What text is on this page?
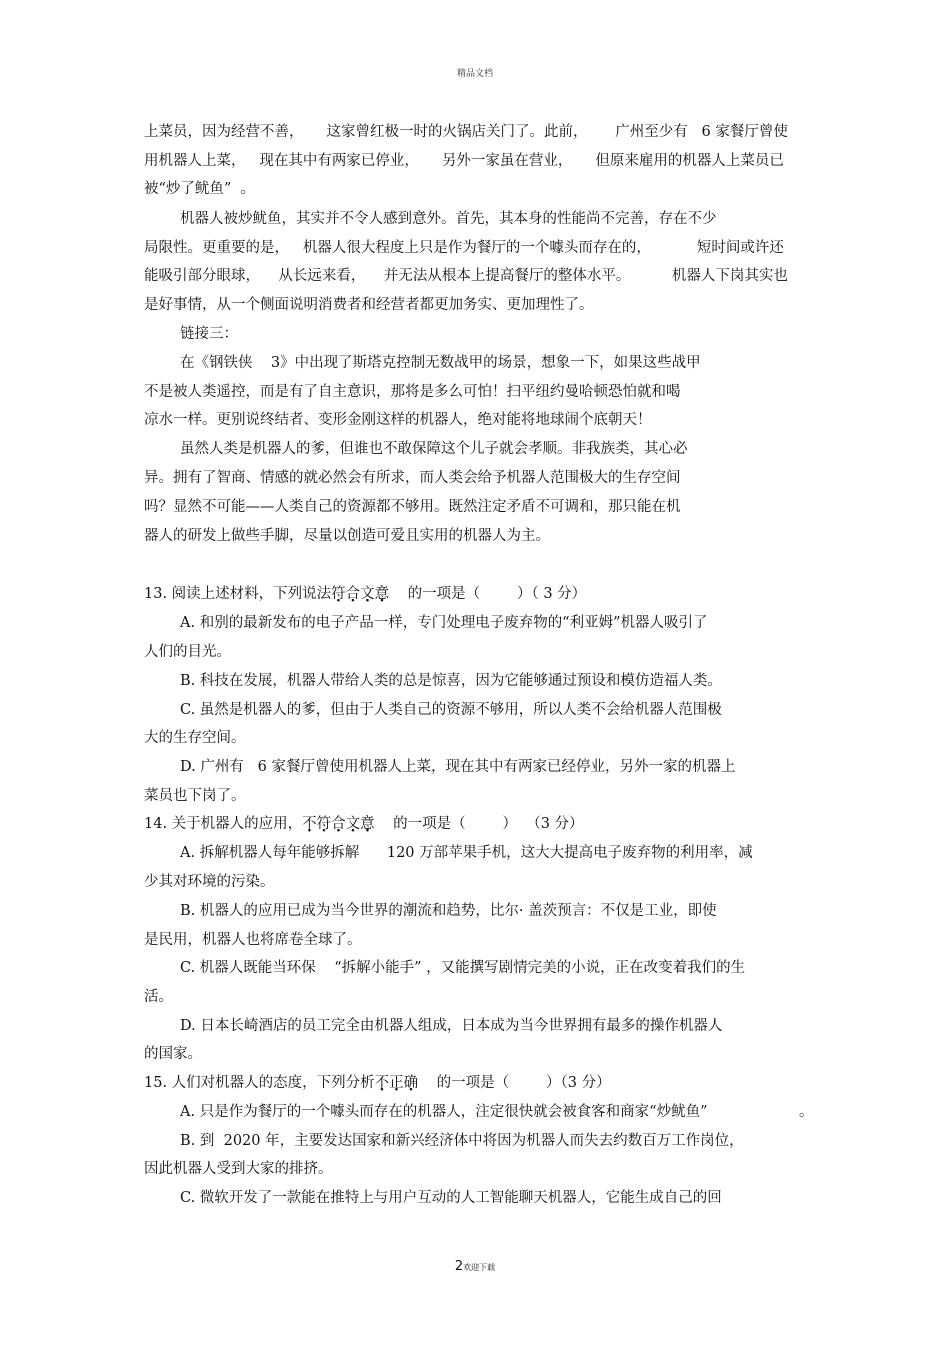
精品文档
上菜员，因为经营不善，     这家曾红极一时的火锅店关门了。此前，      广州至少有   6 家餐厅曾使
用机器人上菜，   现在其中有两家已停业，     另外一家虽在营业，     但原来雇用的机器人上菜员已
被“炒了鱿鱼”  。
机器人被炒鱿鱼，其实并不令人感到意外。首先，其本身的性能尚不完善，存在不少
局限性。更重要的是，   机器人很大程度上只是作为餐厅的一个噱头而存在的，          短时间或许还
能吸引部分眼球，    从长远来看，    并无法从根本上提高餐厅的整体水平。         机器人下岗其实也
是好事情，从一个侧面说明消费者和经营者都更加务实、更加理性了。
链接三：
在《钢铁侠    3》中出现了斯塔克控制无数战甲的场景，想象一下，如果这些战甲
不是被人类遥控，而是有了自主意识，那将是多么可怕！扫平纽约曼哈顿恐怕就和喝
凉水一样。更别说终结者、变形金刚这样的机器人，绝对能将地球闹个底朝天！
虽然人类是机器人的爹，但谁也不敢保障这个儿子就会孝顺。非我族类，其心必
异。拥有了智商、情感的就必然会有所求，而人类会给予机器人范围极大的生存空间
吗？显然不可能——人类自己的资源都不够用。既然注定矛盾不可调和，那只能在机
器人的研发上做些手脚，尽量以创造可爱且实用的机器人为主。
13. 阅读上述材料，下列说法符合文意    的一项是（        ）（ 3 分）
A. 和别的最新发布的电子产品一样，专门处理电子废弃物的“利亚姆”机器人吸引了
人们的目光。
B. 科技在发展，机器人带给人类的总是惊喜，因为它能够通过预设和模仿造福人类。
C. 虽然是机器人的爹，但由于人类自己的资源不够用，所以人类不会给机器人范围极
大的生存空间。
D. 广州有   6 家餐厅曾使用机器人上菜，现在其中有两家已经停业，另外一家的机器上
菜员也下岗了。
14. 关于机器人的应用，不符合文意    的一项是（        ）  （3 分）
A. 拆解机器人每年能够拆解      120 万部苹果手机，这大大提高电子废弃物的利用率，减
少其对环境的污染。
B. 机器人的应用已成为当今世界的潮流和趋势，比尔· 盖茨预言：不仅是工业，即使
是民用，机器人也将席卷全球了。
C. 机器人既能当环保    “拆解小能手” ，又能撰写剧情完美的小说，正在改变着我们的生
活。
D. 日本长崎酒店的员工完全由机器人组成，日本成为当今世界拥有最多的操作机器人
的国家。
15. 人们对机器人的态度，下列分析不正确    的一项是（        ）（3 分）
A. 只是作为餐厅的一个噱头而存在的机器人，注定很快就会被食客和商家“炒鱿鱼”	。
B. 到  2020 年，主要发达国家和新兴经济体中将因为机器人而失去约数百万工作岗位，
因此机器人受到大家的排挤。
C. 微软开发了一款能在推特上与用户互动的人工智能聊天机器人，它能生成自己的回
2欢迎下载
